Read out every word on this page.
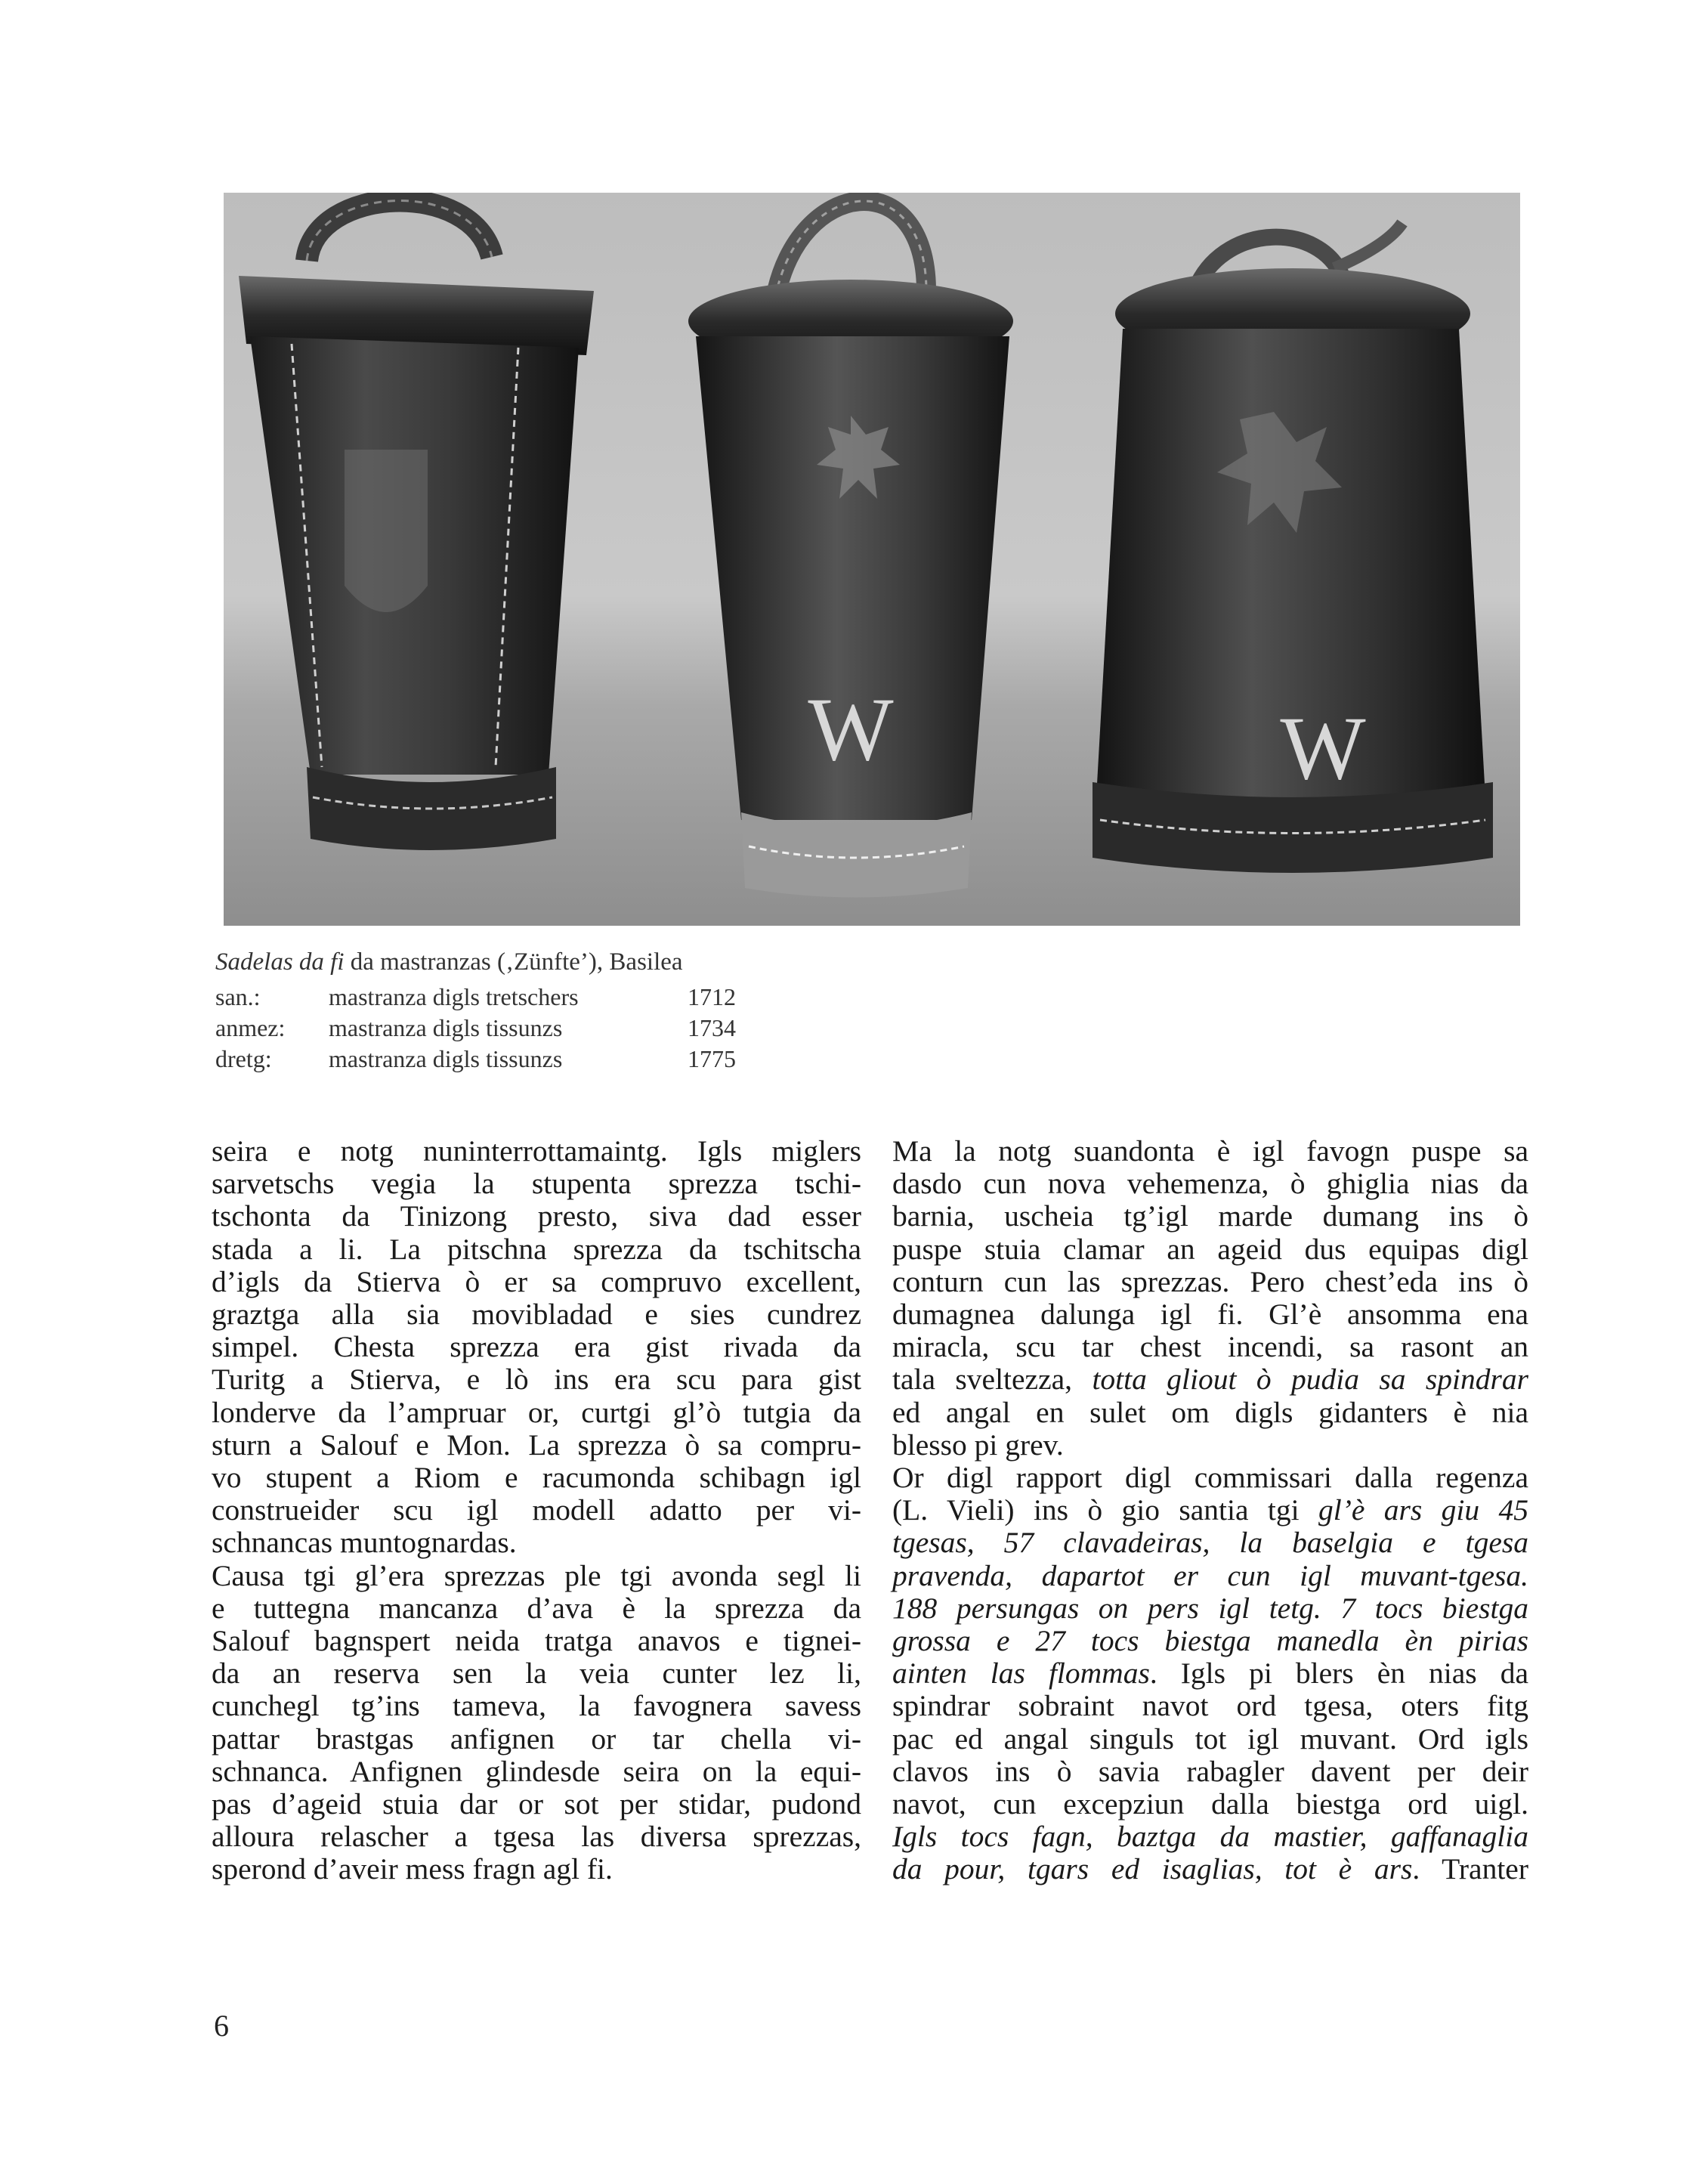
W	W
Sadelas da fi da mastranzas (‚Zünfte’), Basilea
san.:	mastranza digls tretschers	1712
anmez: mastranza digls tissunzs	1734
dretg: mastranza digls tissunzs	1775

seira e notg nuninterrottamaintg. Igls miglers

sarvetschs vegia la stupenta sprezza tschi-

tschonta da Tinizong presto, siva dad esser

stada a li. La pitschna sprezza da tschitscha

d’igls da Stierva ò er sa compruvo excellent,

graztga alla sia movibladad e sies cundrez

simpel. Chesta sprezza era gist rivada da

Turitg a Stierva, e lò ins era scu para gist

londerve da l’ampruar or, curtgi gl’ò tutgia da

sturn a Salouf e Mon. La sprezza ò sa compru-

vo stupent a Riom e racumonda schibagn igl

construeider scu igl modell adatto per vi-

schnancas muntognardas.

Causa tgi gl’era sprezzas ple tgi avonda segl li

e tuttegna mancanza d’ava è la sprezza da

Salouf bagnspert neida tratga anavos e tignei-

da an reserva sen la veia cunter lez li,

cunchegl tg’ins tameva, la favognera savess

pattar brastgas anfignen or tar chella vi-

schnanca. Anfignen glindesde seira on la equi-

pas d’ageid stuia dar or sot per stidar, pudond

alloura relascher a tgesa las diversa sprezzas,

sperond d’aveir mess fragn agl fi.

Ma la notg suandonta è igl favogn puspe sa

dasdo cun nova vehemenza, ò ghiglia nias da

barnia, uscheia tg’igl marde dumang ins ò

puspe stuia clamar an ageid dus equipas digl

conturn cun las sprezzas. Pero chest’eda ins ò

dumagnea dalunga igl fi. Gl’è ansomma ena

miracla, scu tar chest incendi, sa rasont an

tala sveltezza, totta gliout ò pudia sa spindrar

ed angal en sulet om digls gidanters è nia

blesso pi grev.

Or digl rapport digl commissari dalla regenza

(L. Vieli) ins ò gio santia tgi gl’è ars giu 45

tgesas, 57 clavadeiras, la baselgia e tgesa

pravenda, dapartot er cun igl muvant-tgesa.

188 persungas on pers igl tetg. 7 tocs biestga

grossa e 27 tocs biestga manedla èn pirias

ainten las flommas. Igls pi blers èn nias da

spindrar sobraint navot ord tgesa, oters fitg

pac ed angal singuls tot igl muvant. Ord igls

clavos ins ò savia rabagler davent per deir

navot, cun excepziun dalla biestga ord uigl.

Igls tocs fagn, baztga da mastier, gaffanaglia

da pour, tgars ed isaglias, tot è ars. Tranter

6
